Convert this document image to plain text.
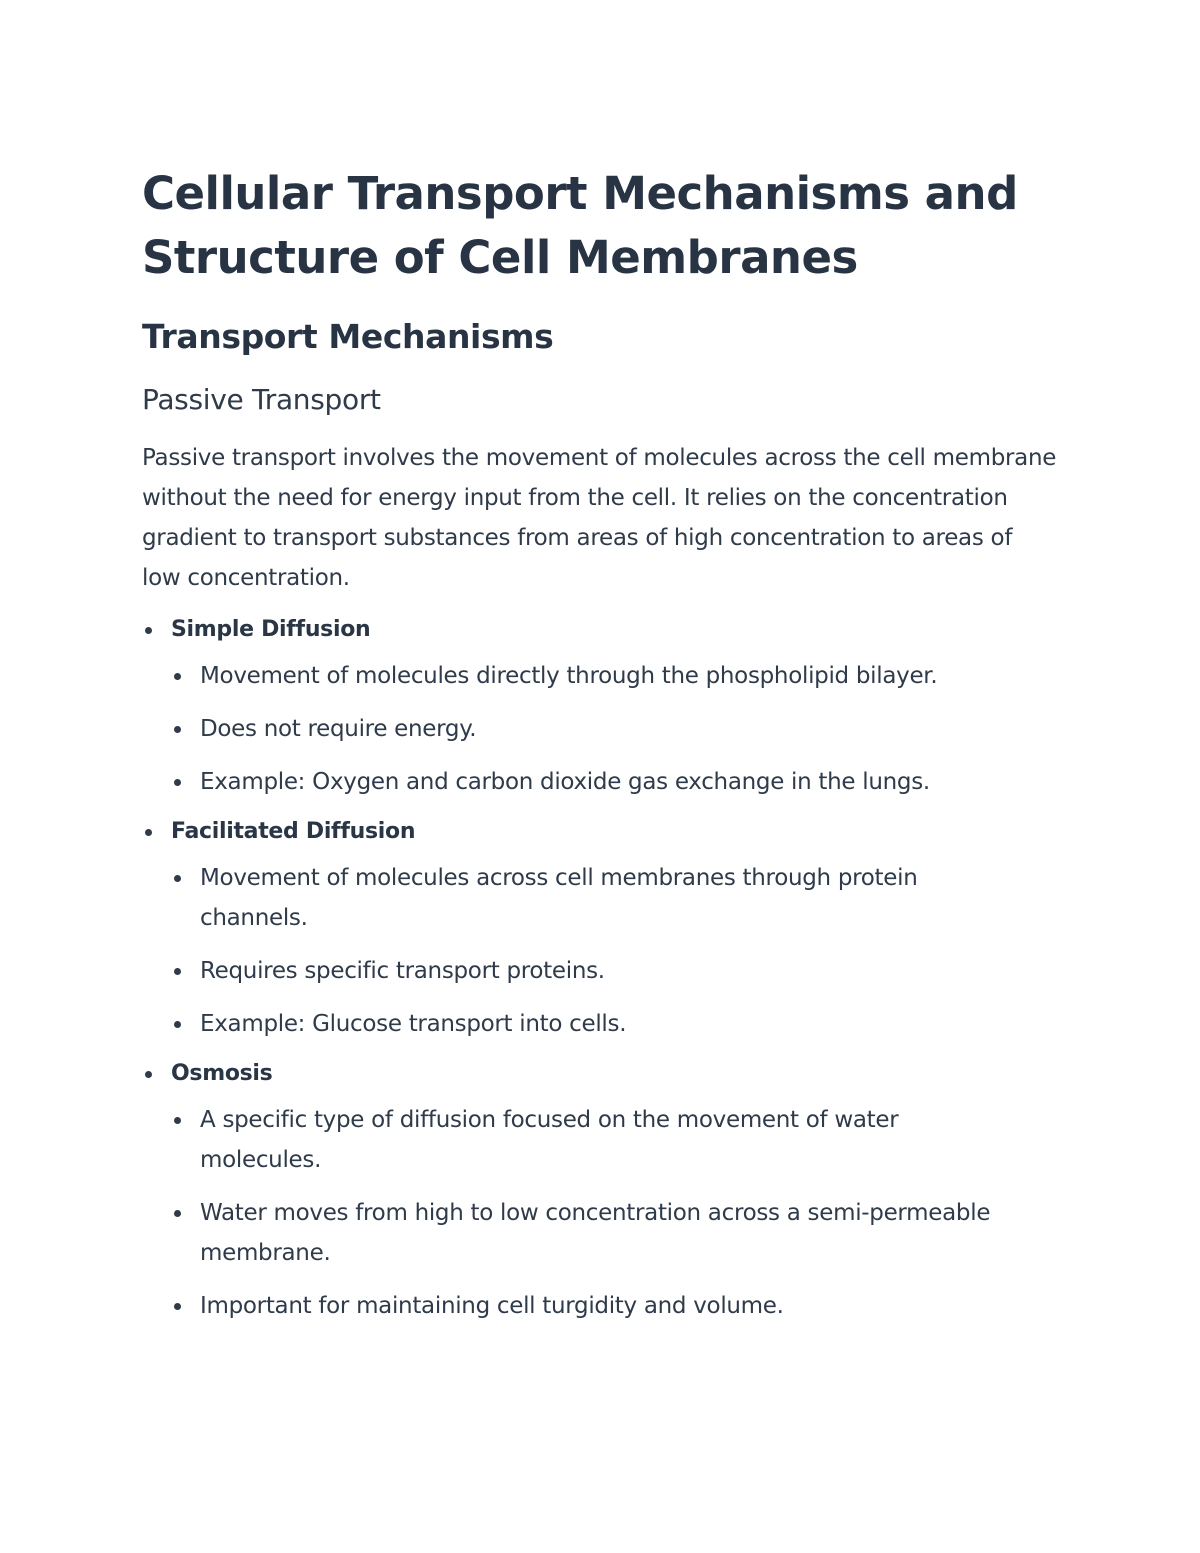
Cellular Transport Mechanisms and Structure of Cell Membranes
Transport Mechanisms
Passive Transport

Passive transport involves the movement of molecules across the cell membrane without the need for energy input from the cell. It relies on the concentration gradient to transport substances from areas of high concentration to areas of low concentration.

Simple Diffusion
Movement of molecules directly through the phospholipid bilayer.
Does not require energy.
Example: Oxygen and carbon dioxide gas exchange in the lungs.
Facilitated Diffusion
Movement of molecules across cell membranes through protein channels.
Requires specific transport proteins.
Example: Glucose transport into cells.
Osmosis
A specific type of diffusion focused on the movement of water molecules.
Water moves from high to low concentration across a semi-permeable membrane.
Important for maintaining cell turgidity and volume.
